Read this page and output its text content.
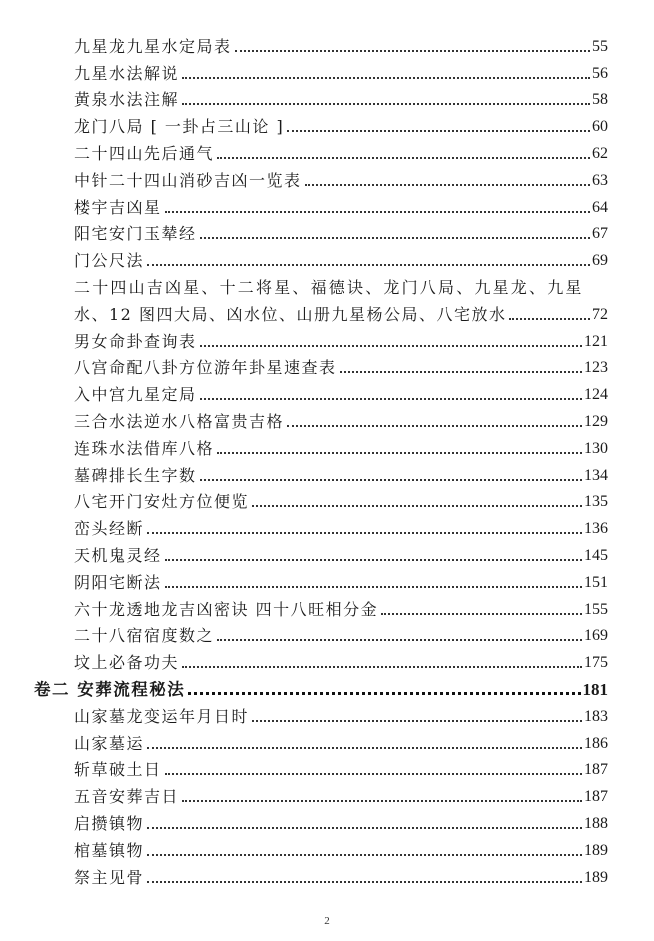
九星龙九星水定局表	55
九星水法解说	56
黄泉水法注解	58
龙门八局 [ 一卦占三山论 ]	60
二十四山先后通气	62
中针二十四山消砂吉凶一览表	63
楼宇吉凶星	64
阳宅安门玉辇经	67
门公尺法	69
二十四山吉凶星、十二将星、福德诀、龙门八局、九星龙、九星
水、12 图四大局、凶水位、山册九星杨公局、八宅放水	72
男女命卦查询表	121
八宫命配八卦方位游年卦星速查表	123
入中宫九星定局	124
三合水法逆水八格富贵吉格	129
连珠水法借库八格	130
墓碑排长生字数	134
八宅开门安灶方位便览	135
峦头经断	136
天机鬼灵经	145
阴阳宅断法	151
六十龙透地龙吉凶密诀 四十八旺相分金	155
二十八宿宿度数之	169
坟上必备功夫	175
卷二 安葬流程秘法	181
山家墓龙变运年月日时	183
山家墓运	186
斩草破土日	187
五音安葬吉日	187
启攒镇物	188
棺墓镇物	189
祭主见骨	189
2
